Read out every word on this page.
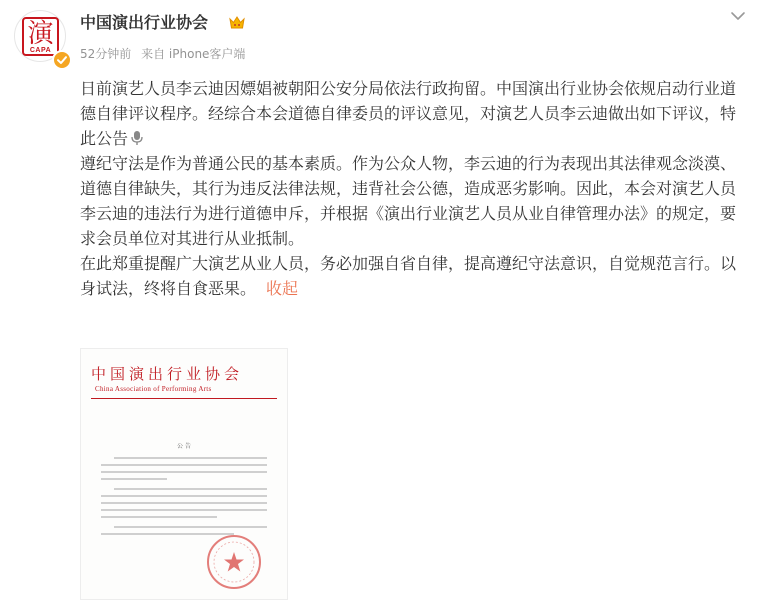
演
CAPA
中国演出行业协会
52分钟前 来自 iPhone客户端

日前演艺人员李云迪因嫖娼被朝阳公安分局依法行政拘留。中国演出行业协会依规启动行业道德自律评议程序。经综合本会道德自律委员的评议意见，对演艺人员李云迪做出如下评议，特此公告

遵纪守法是作为普通公民的基本素质。作为公众人物，李云迪的行为表现出其法律观念淡漠、道德自律缺失，其行为违反法律法规，违背社会公德，造成恶劣影响。因此，本会对演艺人员李云迪的违法行为进行道德申斥，并根据《演出行业演艺人员从业自律管理办法》的规定，要求会员单位对其进行从业抵制。

在此郑重提醒广大演艺从业人员，务必加强自省自律，提高遵纪守法意识，自觉规范言行。以身试法，终将自食恶果。 收起

中国演出行业协会
China Association of Performing Arts
公 告
